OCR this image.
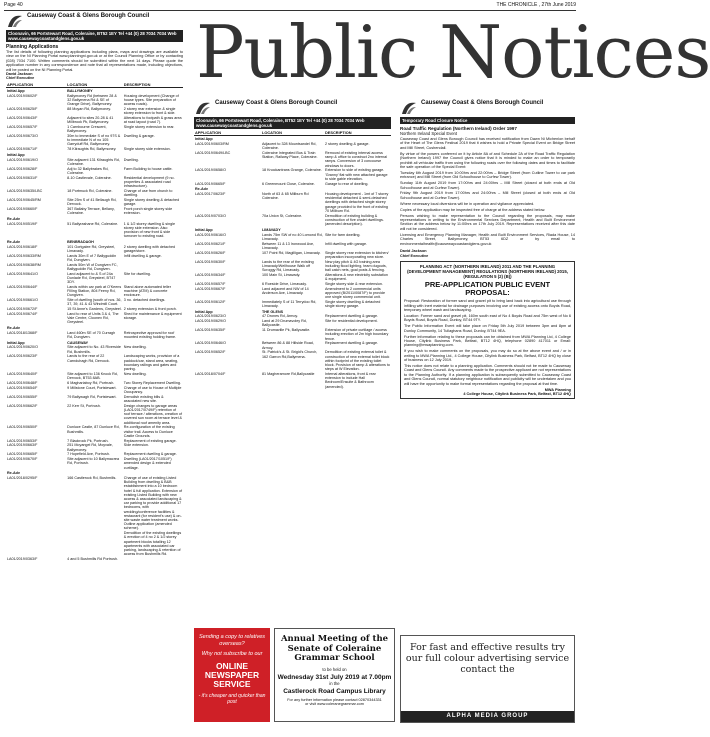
Page 40	THE CHRONICLE , 27th June 2019
Public Notices
Causeway Coast & Glens Borough Council
Cloonavin, 66 Portstewart Road, Coleraine, BT52 1EY Tel +44 (0) 28 7034 7034 Web www.causewaycoastandglens.gov.uk
Planning Applications
The list details of following planning applications including plans, maps and drawings are available to view on the NI Planning Portal www.planningni.gov.uk or at the Council Planning Office or by contacting (028) 7034 7100. Written comments should be submitted within the next 14 days. Please quote the application number in any correspondence and note that all representations made, including objections, will be posted on the NI Planning Portal.
David Jackson
Chief Executive
APPLICATION	LOCATION	DESCRIPTION
Initial App	BALLYMONEY	
LA01/2019/0602/F	Ballymoney Rd (between 28 & 32 Ballymena Rd & SE of Grange Drive), Ballymoney.	Housing development (Change of house types. Site preparation of access roads).
LA01/2019/0625/F	88 Moyan Rd, Ballymoney.	2 storey rear extension & single storey extension to front & side.
LA01/2019/0643/F	Adjacent to sites 20-28 & 41 Millbrook Pk, Ballymoney.	Alterations to footpath & grass area at road layout (road 7).
LA01/2019/0657/F	1 Carnbourne Crescent, Ballymoney.	Single storey extension to rear.
LA01/2019/0673/O	30m to immediate S of no 97S & to immediate N of no 105 Garryduff Rd, Ballymoney.	Dwelling & garage.
LA01/2019/0671/F	78 Kilraughts Rd, Ballymoney.	Single storey side extension.
Initial App		
LA01/2019/0619/O	Site adjacent 131 Kilraughts Rd, Coleraine.	Dwelling.
LA01/2019/0628/F	Adj to 32 Ballybrakes Rd, Coleraine.	Farm Building to house cattle.
LA01/2019/0631/F	8-10 Castlevale, Coleraine.	Residential development (9 no. properties & associated road infrastructure).
LA01/2019/0635/LBC	18 Portmuck Rd, Coleraine.	Change of use from church to dwelling.
LA01/2019/0645/RM	Site 25m S of 41 Bellaugh Rd, Dervock.	Single storey dwelling & detached garage.
LA01/2019/0660/F	367 Ballaby Terrace, Bellany, Coleraine.	Front porch single storey side extension.
Re-Adv		
LA01/2019/0519/F	51 Ballyrashane Rd, Coleraine.	1 & 1/2 storey dwelling & single storey side extension. Also provision of new front & side turnover to existing road.
Re-Adv	BENBRADAGH	
LA01/2019/0618/F	101 Gortgalee Rd, Greysteel, Limavady.	2 storey dwelling with detached garage/store.
LA01/2019/0633/RM	Lands 30m E of 7 Ballyguddin Rd, Dungiven.	Infill dwelling & garage.
LA01/2019/0638/RM	Lands 50m W of Dungiven FC, Ballyguddin Rd, Dungiven.	
LA01/2019/0641/O	Land adjacent to & S of 24a Dunlade Rd, Greysteel, BT47 3DY.	Site for dwelling.
LA01/2019/0644/F	Lands within car park at O'Keens Filling Station, 804 Feeny Rd, Dungiven.	Stand alone automated teller machine (ATM) & concrete enclosure.
LA01/2019/0661/O	Site of dwelling (south of nos. 36, 37, 39, 41 & 43 Windmill Court.	3 no. detached dwellings.
LA01/2019/0672/F	15 St Anne's Gardens, Greysteel.	2 storey extension & front porch.
LA01/2019/0674/F	Land to rear of Units 3 & 4, The Vale Centre, Cloonev Rd, Greysteel.	Shed for maintenance & equipment storage.
Re-Adv		
LA01/2018/1368/F	Land 460m SE of 70 Curragh Rd, Dungiven.	Retrospective approval for roof mounted existing holding frame.
Initial App	CAUSEWAY	
LA01/2019/0620/O	Site adjacent to No. 43 Riverside Rd, Bushmills.	New dwelling.
LA01/2019/0623/F	Lands to the rear of 22 Carnduhagh Rd, Dervock.	Landscaping works, provision of a paddock/car, stand area, seating, boundary railings and gates and paving.
LA01/2019/0640/F	Site adjacent to 136 Knock Rd, Dervock, BT53 8AB.	New dwelling.
LA01/2019/0648/F	6 Maghariaboy Rd, Portrush.	Two Storey Replacement Dwelling.
LA01/2019/0654/F	9 Millstone Court, Portstewart.	Change of use to House of Multiple Occupancy.
LA01/2019/0655/F	79 Ballywagh Rd, Portstewart.	Demolish existing bills & associated new site.
LA01/2019/0662/F	22 Kerr St, Portrush.	Design changes to garage areas (LA01/2017/0749/F) retention of roof terrace / alterations, creation of covered sun room at terrace level & additional roof amenity area.
LA01/2019/0650/F	Dunluce Castle, 87 Dunluce Rd, Bushmills.	Re-configuration of the existing visitor trail. Access to Dunluce Castle Grounds.
LA01/2019/0653/F	7 Blackrock Pk, Portrush.	Replacement of existing garage.
LA01/2019/0663/F	251 Moyangel Rd, Moyvale, Ballymoney.	Side extension.
LA01/2019/0665/F	7 Hopefield Ave, Portrush.	Replacement dwelling & garage.
LA01/2019/0670/F	Site adjacent to 10 Ballymacrea Rd, Portrush.	Dwelling (LA01/2017/1051/F) amended design & extended curtilage.
Re-Adv		
LA01/2018/0295/F	166 Castlerock Rd, Bushmills.	Change of use of existing Listed Building from dwelling & B&B establishment into a 10 bedroom hotel & full application. Extension of existing Listed Building with new access & associated landscaping & car parking to provide additional 17 bedrooms, with wedding/conference facilities & restaurant (for resident's use) & on-site waste water treatment works. Outline application (amended scheme).
		Demolition of the existing dwellings & erection of 4 no 2 & 1/2 storey apartment blocks totalling 12 apartments with associated car parking, landscaping & retention of access from Bushmills Rd.
LA01/2019/0363/F	4 and 5 Bushmills Rd Portrush.	
Causeway Coast & Glens Borough Council
Cloonavin, 66 Portstewart Road, Coleraine, BT52 1EY Tel +44 (0) 28 7034 7034 Web www.causewaycoastandglens.gov.uk
APPLICATION	LOCATION	DESCRIPTION
Initial App		
LA01/2019/0603/RM	Adjacent to 328 Mountsandel Rd, Coleraine.	2 storey dwelling & garage.
LA01/2019/0649/LBC	Coleraine Integrated Bus & Train Station, Railway Place, Coleraine.	Removal of existing internal access ramp & office to construct 2no internal ramps. Conversion of 3 concourse windows to doors.
LA01/2019/0658/O	18 Knockantrans Grange, Coleraine.	Extension to side of existing garage. 'Granny' flat with new attached garage to side gable elevation.
LA01/2019/0665/F	6 Greenmount Close, Coleraine.	Garage to rear of dwelling.
Re-Adv		
LA01/2017/0623/F	North of 63 & 65 Millburn Rd Coleraine.	Housing development - 1mt of 7 storey residential detached & semi-detached dwellings with detached single storey garage provided to the front of existing 70 Millburn Rd.
LA01/2019/0703/O	70a Union St, Coleraine.	Demolition of existing building & construction of five chalet dwellings. (amended description).
Initial App	LIMAVADY	
LA01/2019/0616/O	Lands 75m SW of no 40 Lomond Rd, Limavady.	Site for farm dwelling.
LA01/2019/0621/F	Between 11 & 13 Ironwood Ave, Limavady.	Infill dwelling with garage.
LA01/2019/0626/F	107 Point Rd, Magilligan, Limavady.	Single storey rear extension to kitchen/ preparation incorporating new store.
LA01/2019/0630/F	Lands to the rear of the existing Limavady/Wellhouse Walk off Scroggy Rd, Limavady.	New play pitch & 4G training area including flood lighting, team dugouts, ball catch nets, goal posts & fencing.
LA01/2019/0634/F	100 Main St, Limavady.	Alterations & new electricity substation & equipment.
LA01/2019/0657/F	6 Roeside Drive, Limavady.	Single storey side & rear extension.
LA01/2019/0667/F	Land adjacent and NW of 14 Anderson Ave, Limavady.	Amendment to 2 commercial units approved (B/2011/0087/F) to provide one single storey commercial unit.
LA01/2019/0612/F	Immediately S of 11 Terrydoo Rd, Limavady.	Single storey dwelling & detached single storey garage.
Initial App	THE GLENS	
LA01/2019/0623/O	47 Drones Rd, Armoy.	Replacement dwelling & garage.
LA01/2019/0629/O	Land at 29 Drumavoley Rd, Ballycastle.	Site for residential development.
LA01/2019/0635/F	11 Drumaville Pk, Ballycastle.	Extension of private curtilage / access including erection of 2m high boundary fence.
LA01/2019/0646/O	Between 86 & 88 Hillside Road, Armoy.	Replacement dwelling & garage.
LA01/2019/0652/F	St. Patrick's & St. Brigid's Church, 162 Garron Rd,Ballymena.	Demolition of existing external toilet & construction of new external toilet block within footprint of the existing toilet block. Provision of ramp & alterations to steps at W Elevation.
LA01/2018/0704/F	81 Magheramore Rd,Ballycastle	Internal alterations, front & rear extension to include Hall Bedroom/Ensuite & Bathroom (amended).
Causeway Coast & Glens Borough Council
Temporary Road Closure Notice
Road Traffic Regulation (Northern Ireland) Order 1997
Northern Ireland Special Event
Causeway Coast and Glens Borough Council has received notification from Dawn Ni Michenlon behalf of the Heart of The Glens Festival 2019 that it wishes to hold a Private Special Event on Bridge Street and Mill Street, Cushendall.
By virtue of the powers conferred on it by Article 8A of and Schedule 2A of the Road Traffic Regulation (Northern Ireland) 1997 the Council gives notice that it is minded to make an order to temporarily prohibit all vehicular traffic from using the following roads over the following dates and times to facilitate the safe operation of the Special Event:
Tuesday 6th August 2019 from 10:00hrs and 22:00hrs – Bridge Street (from Cutline Tower to car park entrance) and Mill Street (from Old Schoolhouse to Curfew Tower).
Sunday 11th August 2019 from 17:00hrs and 24:00hrs – Mill Street (closed at both ends at Old Schoolhouse and at Curfew Tower).
Friday 9th August 2019 from 17:00hrs and 24:00hrs – Mill Street (closed at both ends at Old Schoolhouse and at Curfew Tower).
Where necessary local diversions will be in operation and vigilance appreciated.
Copies of the application may be inspected free of charge at the address stated below.
Persons wishing to make representation to the Council regarding the proposals, may make representations in writing to the Environmental Services Department, Health and Built Environment Section at the address below by 11:00hrs on 17th July 2019. Representations received after this date will not be considered.
Licensing and Emergency Planning Manager, Health and Built Environment Services, Riada House, 14 Charles Street, Ballymoney, BT53 6DZ or by email to environmentalhealth@causewaycoastandglens.gov.uk
David Jackson
Chief Executive
PLANNING ACT (NORTHERN IRELAND) 2011 AND THE PLANNING (DEVELOPMENT MANAGEMENT) REGULATIONS (NORTHERN IRELAND) 2015, (REGULATION 5 (2) (B))
PRE-APPLICATION PUBLIC EVENT PROPOSAL:
Proposal: Restoration of former sand and gravel pit to bring land back into agricultural use through infilling with inert material for drainage purposes involving use of existing access onto Boyds Road, temporary wheel wash and landscaping.
Location: Former sand and gravel pit, 160m south east of No 4 Boyds Road and 75m west of No 6 Boyds Road, Boyds Road, Dunloy, BT44 9TY.
The Public Information Event will take place on Friday 5th July 2019 between 3pm and 8pm at Dunloy Community, 14 Tullaghans Road, Dunloy, BT44 9EA.
Further information relating to these proposals can be obtained from MWA Planning Ltd, 4 College House, Citylink Business Park, Belfast, BT12 4HQ, telephone 02890 417011 or Email: planning@mwaplanning.com.
If you wish to make comments on the proposals, you may do so at the above event and / or in writing to MWA Planning Ltd., 4 College House, Citylink Business Park, Belfast, BT12 4HQ by close of business on 12 July 2019.
This notice does not relate to a planning application. Comments should not be made to Causeway Coast and Glens Council. Any comments made to the prospective applicant are not representations to the Planning Authority. If a planning application is subsequently submitted to Causeway Coast and Glens Council, normal statutory neighbour notification and publicity will be undertaken and you will have the opportunity to make formal representations regarding the proposal at that time.
MWA Planning
4 College House, Citylink Business Park, Belfast, BT12 4HQ
Sending a copy to relatives overseas?
Why not subscribe to our
ONLINE NEWSPAPER SERVICE
- it's cheaper and quicker than post
Annual Meeting of the Senate of Coleraine Grammar School
to be held on
Wednesday 31st July 2019 at 7.00pm
in the
Castlerock Road Campus Library
For any further information please contact 02870344331
or visit www.coleranegrammar.com
For fast and effective results try our full colour advertising service contact the
ALPHA MEDIA GROUP
